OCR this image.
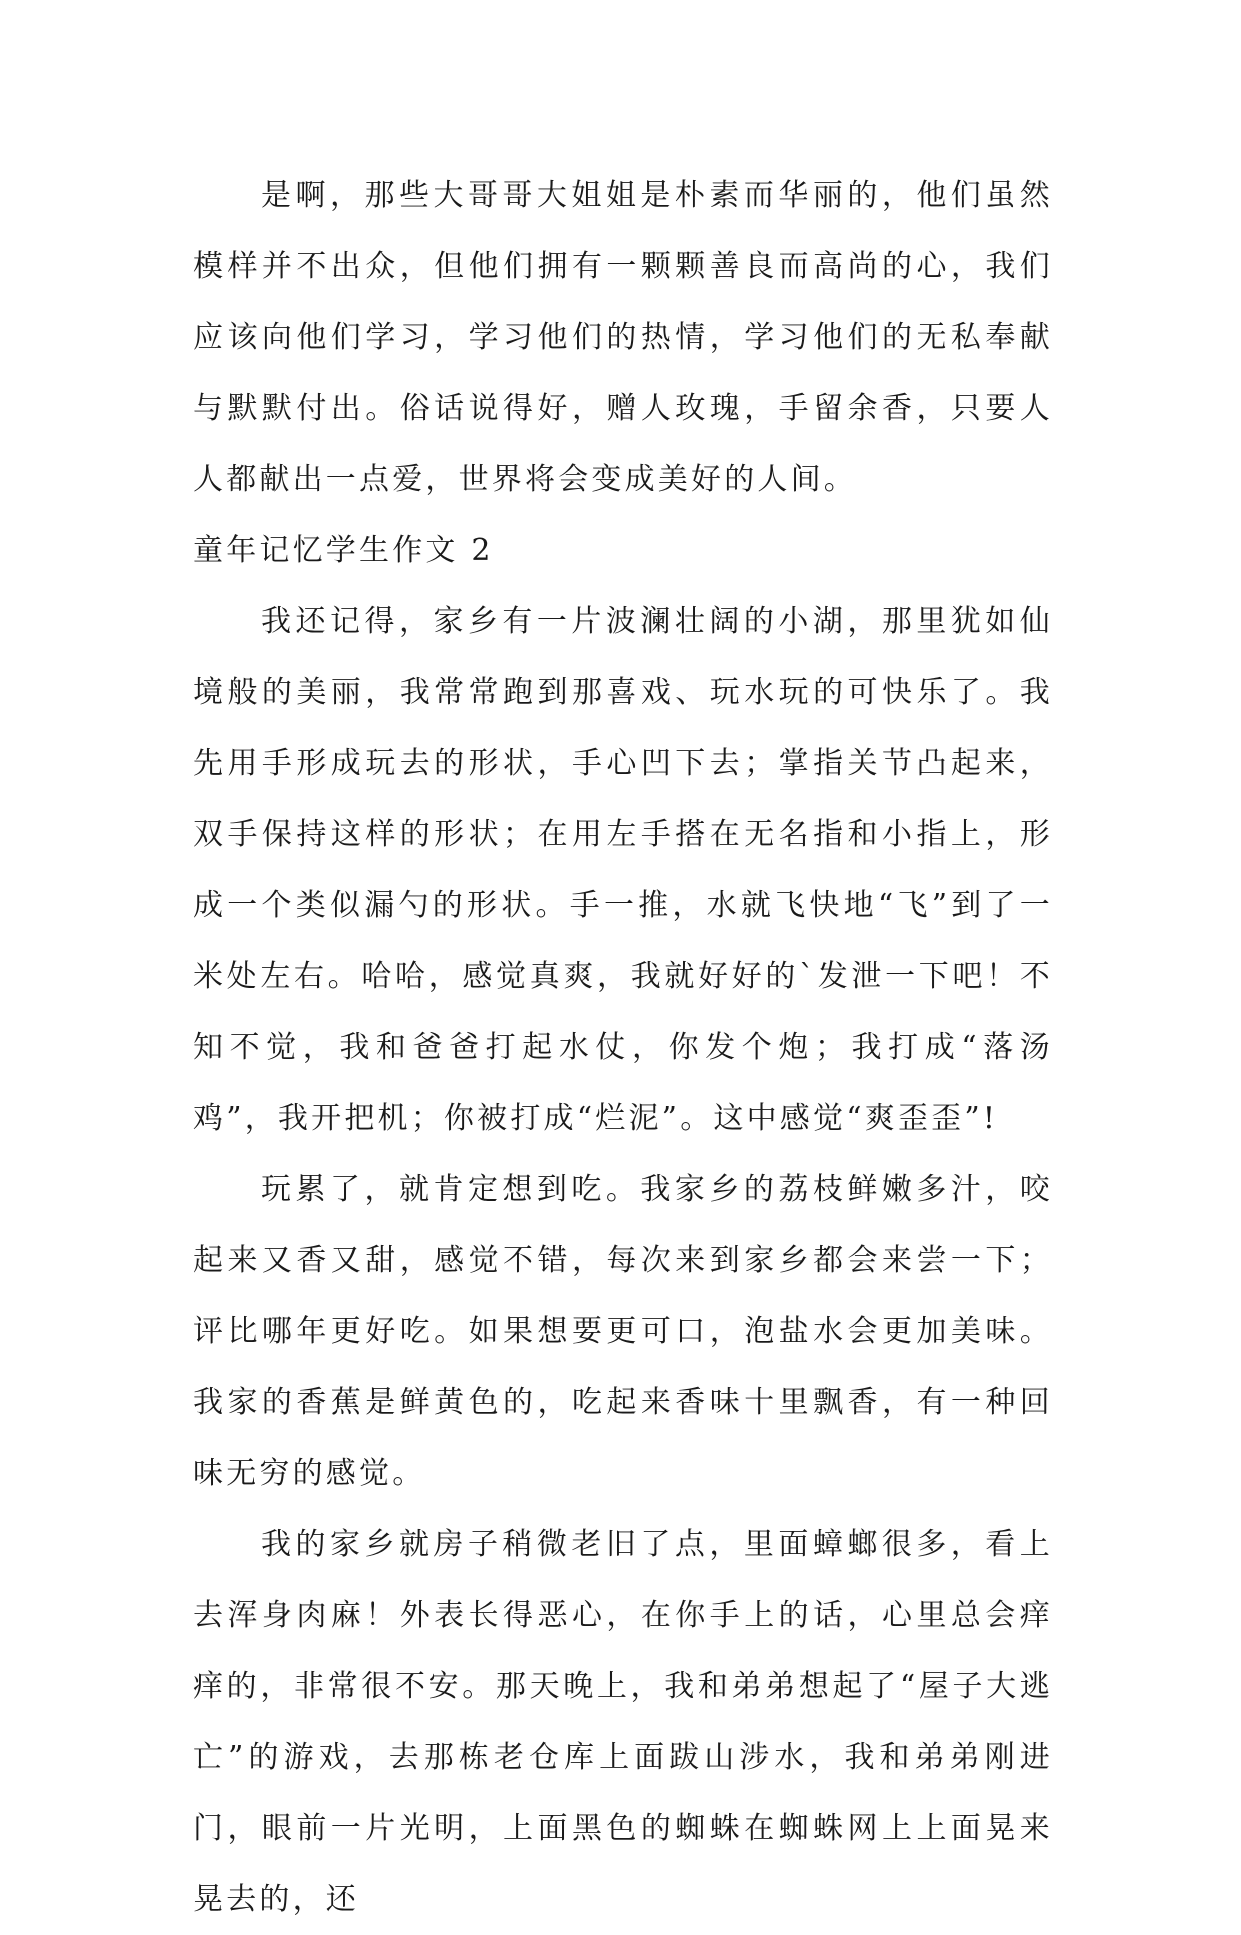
是啊，那些大哥哥大姐姐是朴素而华丽的，他们虽然模样并不出众，但他们拥有一颗颗善良而高尚的心，我们应该向他们学习，学习他们的热情，学习他们的无私奉献与默默付出。俗话说得好，赠人玫瑰，手留余香，只要人人都献出一点爱，世界将会变成美好的人间。

童年记忆学生作文 2

我还记得，家乡有一片波澜壮阔的小湖，那里犹如仙境般的美丽，我常常跑到那喜戏、玩水玩的可快乐了。我先用手形成玩去的形状，手心凹下去；掌指关节凸起来，双手保持这样的形状；在用左手搭在无名指和小指上，形成一个类似漏勺的形状。手一推，水就飞快地“飞”到了一米处左右。哈哈，感觉真爽，我就好好的`发泄一下吧！不知不觉，我和爸爸打起水仗，你发个炮；我打成“落汤鸡”，我开把机；你被打成“烂泥”。这中感觉“爽歪歪”!

玩累了，就肯定想到吃。我家乡的荔枝鲜嫩多汁，咬起来又香又甜，感觉不错，每次来到家乡都会来尝一下；评比哪年更好吃。如果想要更可口，泡盐水会更加美味。我家的香蕉是鲜黄色的，吃起来香味十里飘香，有一种回味无穷的感觉。

我的家乡就房子稍微老旧了点，里面蟑螂很多，看上去浑身肉麻！外表长得恶心，在你手上的话，心里总会痒痒的，非常很不安。那天晚上，我和弟弟想起了“屋子大逃亡”的游戏，去那栋老仓库上面跋山涉水，我和弟弟刚进门，眼前一片光明，上面黑色的蜘蛛在蜘蛛网上上面晃来晃去的，还
